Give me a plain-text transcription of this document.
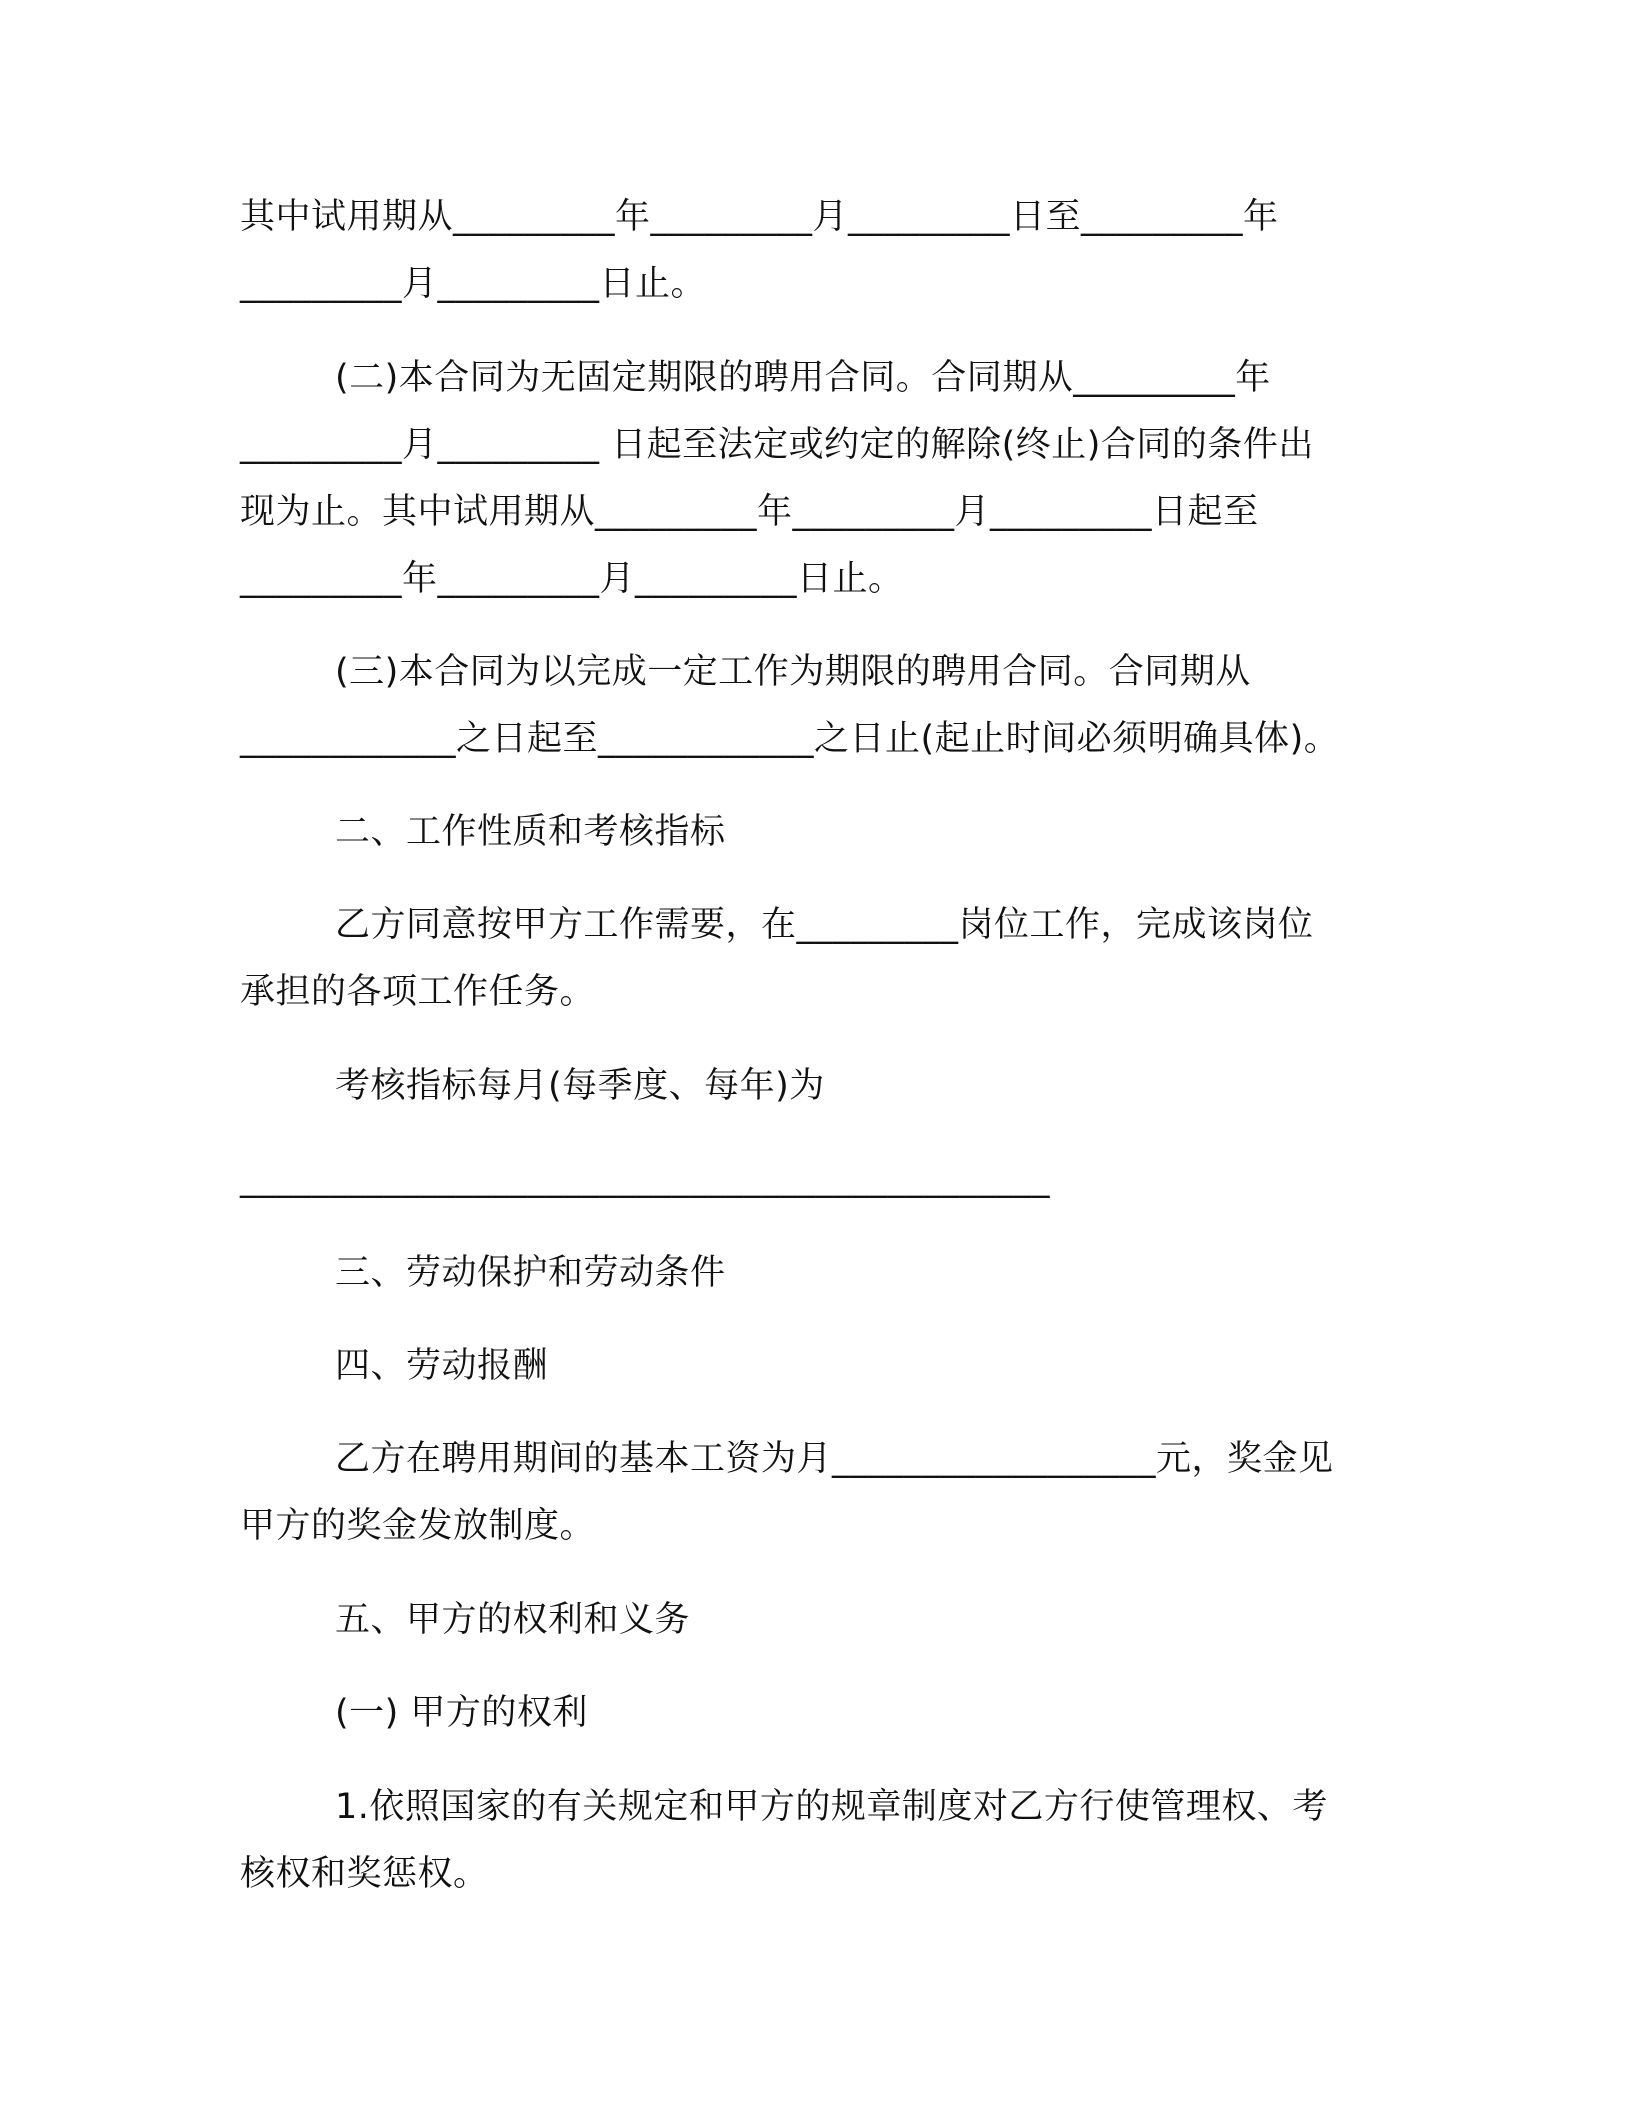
其中试用期从_________年_________月_________日至_________年
_________月_________日止。
(二)本合同为无固定期限的聘用合同。合同期从_________年
_________月_________ 日起至法定或约定的解除(终止)合同的条件出
现为止。其中试用期从_________年_________月_________日起至
_________年_________月_________日止。
(三)本合同为以完成一定工作为期限的聘用合同。合同期从
____________之日起至____________之日止(起止时间必须明确具体)。
二、工作性质和考核指标
乙方同意按甲方工作需要，在_________岗位工作，完成该岗位
承担的各项工作任务。
考核指标每月(每季度、每年)为
_____________________________________________
三、劳动保护和劳动条件
四、劳动报酬
乙方在聘用期间的基本工资为月__________________元，奖金见
甲方的奖金发放制度。
五、甲方的权利和义务
(一) 甲方的权利
1.依照国家的有关规定和甲方的规章制度对乙方行使管理权、考
核权和奖惩权。
